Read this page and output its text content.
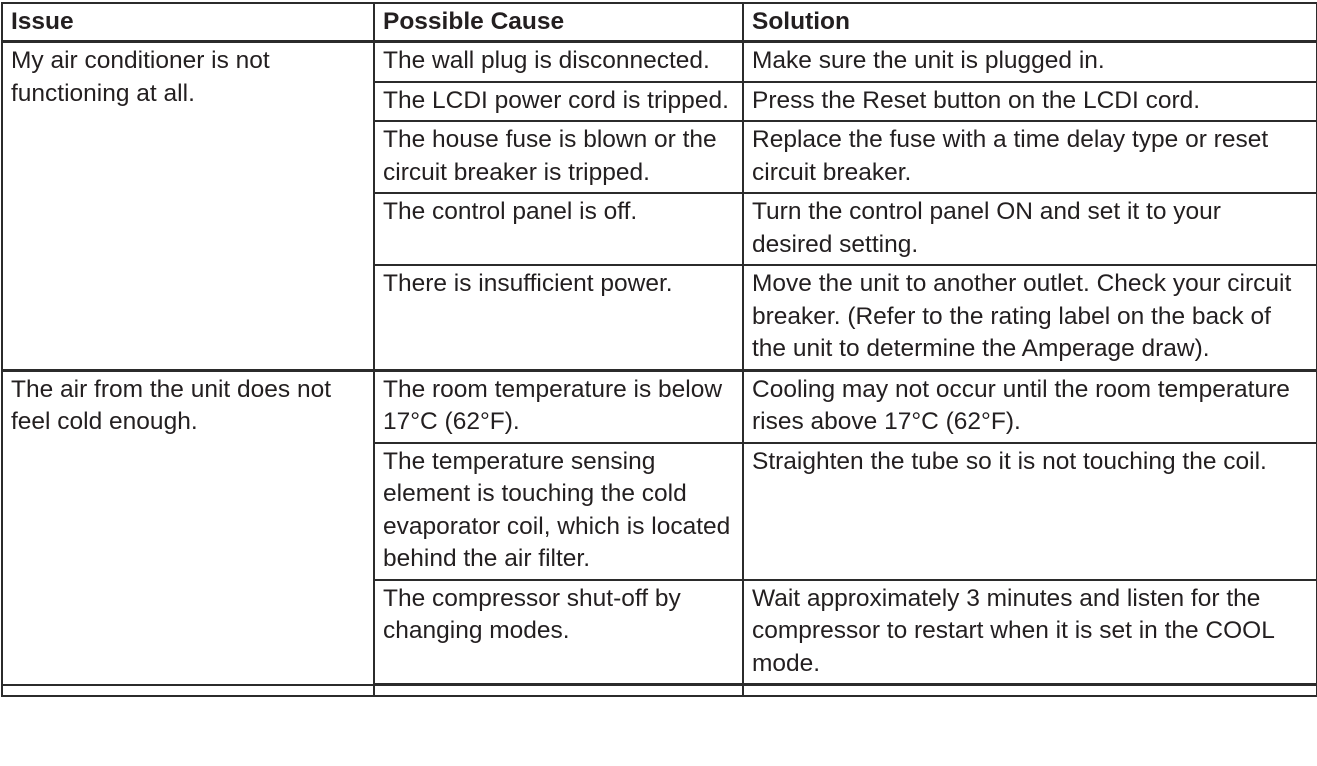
Issue	Possible Cause	Solution
My air conditioner is not functioning at all.	The wall plug is disconnected.	Make sure the unit is plugged in.
	The LCDI power cord is tripped.	Press the Reset button on the LCDI cord.
	The house fuse is blown or the circuit breaker is tripped.	Replace the fuse with a time delay type or reset circuit breaker.
	The control panel is off.	Turn the control panel ON and set it to your desired setting.
	There is insufficient power.	Move the unit to another outlet. Check your circuit breaker. (Refer to the rating label on the back of the unit to determine the Amperage draw).
The air from the unit does not feel cold enough.	The room temperature is below 17°C (62°F).	Cooling may not occur until the room temperature rises above 17°C (62°F).
	The temperature sensing element is touching the cold evaporator coil, which is located behind the air filter.	Straighten the tube so it is not touching the coil.
	The compressor shut-off by changing modes.	Wait approximately 3 minutes and listen for the compressor to restart when it is set in the COOL mode.
